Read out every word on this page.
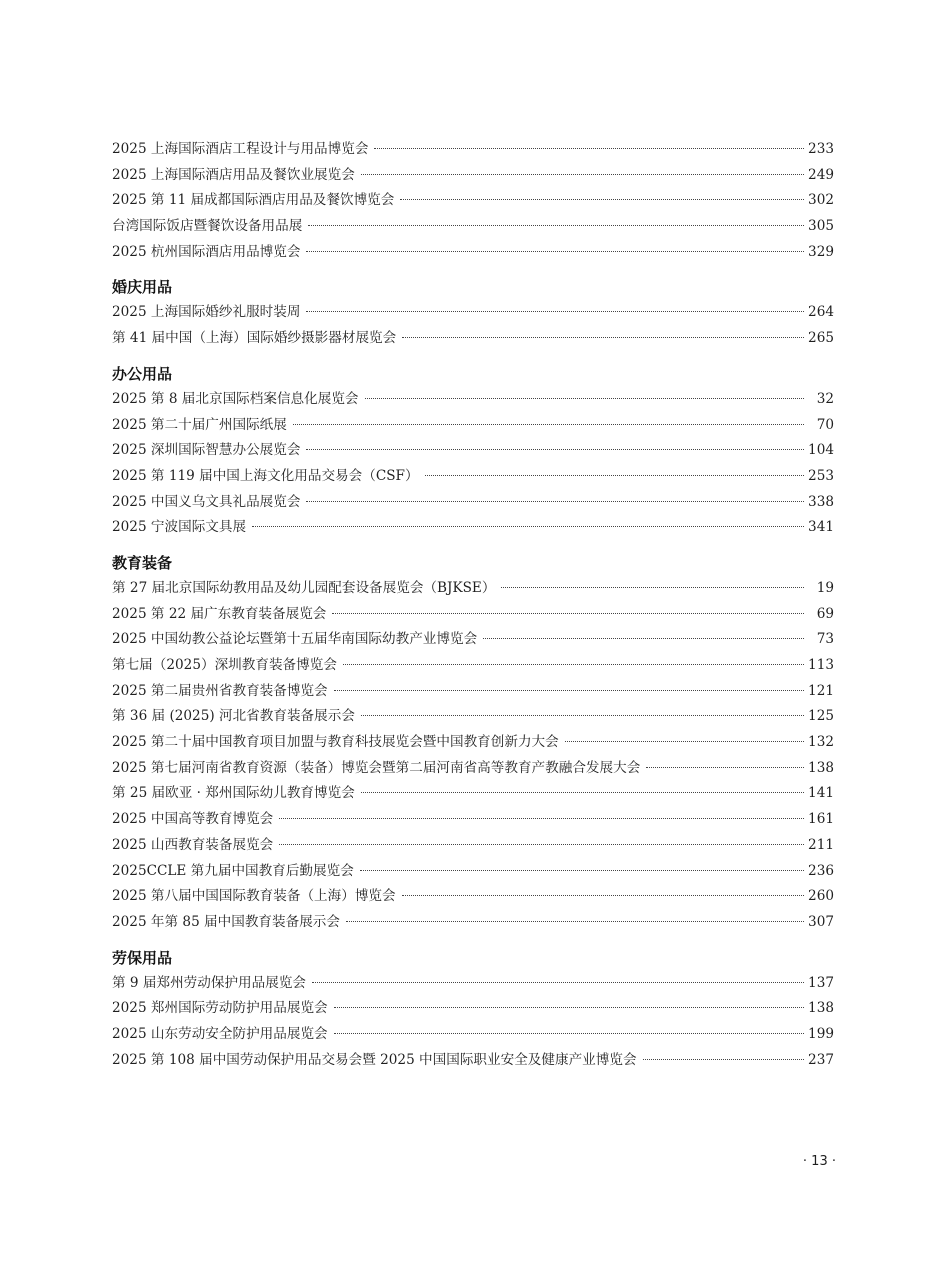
2025 上海国际酒店工程设计与用品博览会	233
2025 上海国际酒店用品及餐饮业展览会	249
2025 第 11 届成都国际酒店用品及餐饮博览会	302
台湾国际饭店暨餐饮设备用品展	305
2025 杭州国际酒店用品博览会	329
婚庆用品
2025 上海国际婚纱礼服时装周	264
第 41 届中国（上海）国际婚纱摄影器材展览会	265
办公用品
2025 第 8 届北京国际档案信息化展览会	32
2025 第二十届广州国际纸展	70
2025 深圳国际智慧办公展览会	104
2025 第 119 届中国上海文化用品交易会（CSF）	253
2025 中国义乌文具礼品展览会	338
2025 宁波国际文具展	341
教育装备
第 27 届北京国际幼教用品及幼儿园配套设备展览会（BJKSE）	19
2025 第 22 届广东教育装备展览会	69
2025 中国幼教公益论坛暨第十五届华南国际幼教产业博览会	73
第七届（2025）深圳教育装备博览会	113
2025 第二届贵州省教育装备博览会	121
第 36 届 (2025) 河北省教育装备展示会	125
2025 第二十届中国教育项目加盟与教育科技展览会暨中国教育创新力大会	132
2025 第七届河南省教育资源（装备）博览会暨第二届河南省高等教育产教融合发展大会	138
第 25 届欧亚 · 郑州国际幼儿教育博览会	141
2025 中国高等教育博览会	161
2025 山西教育装备展览会	211
2025CCLE 第九届中国教育后勤展览会	236
2025 第八届中国国际教育装备（上海）博览会	260
2025 年第 85 届中国教育装备展示会	307
劳保用品
第 9 届郑州劳动保护用品展览会	137
2025 郑州国际劳动防护用品展览会	138
2025 山东劳动安全防护用品展览会	199
2025 第 108 届中国劳动保护用品交易会暨 2025 中国国际职业安全及健康产业博览会	237
· 13 ·
